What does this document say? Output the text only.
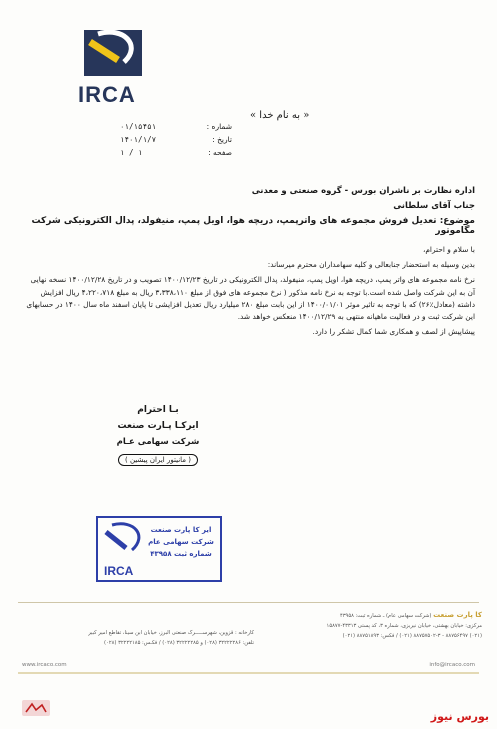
IRCA
« به نام خدا »
شماره :
۰۱/۱۵۴۵۱
تاریخ :
۱۴۰۱/۱/۷
صفحه :
۱ / ۱
اداره نظارت بر ناشران بورس - گروه صنعتی و معدنی
جناب آقای سلطانی
موضوع: تعدیل فروش مجموعه های واترپمپ، دریچه هوا، اویل پمپ، منیفولد، پدال الکترونیکی شرکت مگاموتور

با سلام و احترام،

بدین وسیله به استحضار جنابعالی و کلیه سهامداران محترم میرساند:

نرخ نامه مجموعه های واتر پمپ، دریچه هوا، اویل پمپ، منیفولد، پدال الکترونیکی در تاریخ ۱۴۰۰/۱۲/۲۳ تصویب و در تاریخ ۱۴۰۰/۱۲/۲۸ نسخه نهایی آن به این شرکت واصل شده است.با توجه به نرخ نامه مذکور ( نرخ مجموعه های فوق از مبلغ ۳،۳۳۸،۱۱۰ ریال به مبلغ ۴،۲۲۰،۷۱۸ ریال افزایش داشته (معادل٪۲۶) که با توجه به تاثیر موثر ۱۴۰۰/۰۱/۰۱ از این بابت مبلغ ۲۸۰ میلیارد ریال تعدیل افزایشی تا پایان اسفند ماه سال ۱۴۰۰ در حسابهای این شرکت ثبت و در فعالیت ماهیانه منتهی به ۱۴۰۰/۱۲/۲۹ منعکس خواهد شد.

پیشاپیش از لصف و همکاری شما کمال تشکر را دارد.

بـا احترام
ایرکـا پـارت صنعت
شرکت سهامی عـام
( مانیتور ایران پیشین )
IRCA
ایر کا پارت صنعت
شرکت سهامی عام
شماره ثبت ۴۳۹۵۸
کا پارت صنعت (شرکت سهامی عام) ـ شماره ثبت: ۴۳۹۵۸
مرکزی: خیابان بهشتی، خیابان نیریزی، شماره ۳، کد پستی ۴۳۳۱۳-۱۵۸۷۷
(۰۲۱) ۸۸۷۵۶۴۹۷ - ۸۸۷۵۷۵۰۲-۳ (۰۲۱) / فکس: ۸۸۷۵۱۸۹۳ (۰۲۱)
کارخانه : قزوین، شهرســـــرک صنعتی البرز، خیابان ابن سینا، تقاطع امیر کبیر
تلفن: ۳۲۲۲۲۲۸۶ (۰۲۸) و ۳۲۲۲۲۲۸۵ (۰۲۸) / فکـس: ۳۲۲۲۲۱۸۵ (۰۲۸)
www.ircaco.com	info@ircaco.com
بورس نیوز
